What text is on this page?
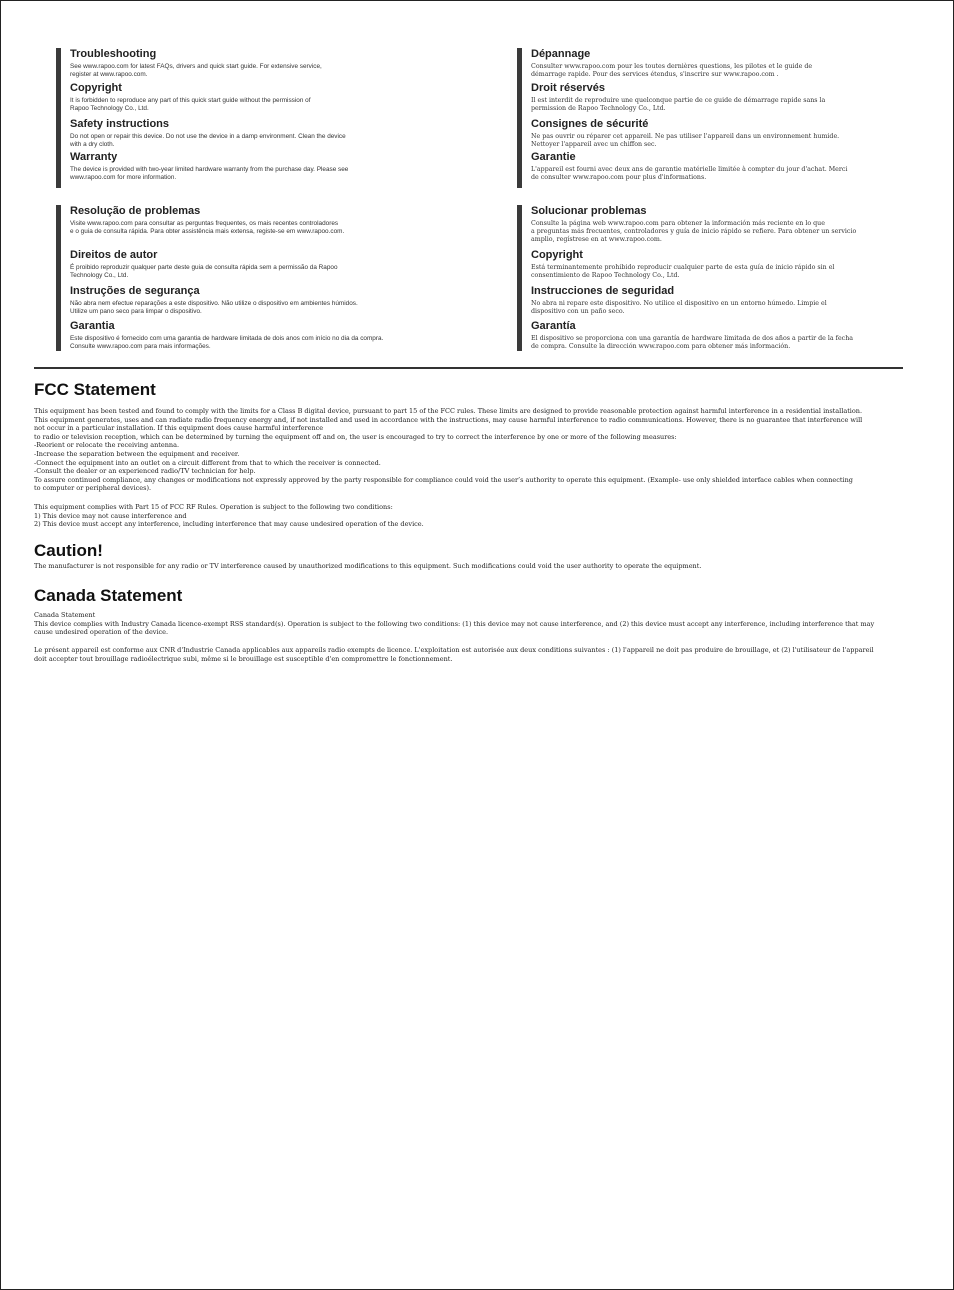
Troubleshooting

See www.rapoo.com for latest FAQs, drivers and quick start guide. For extensive service,
register at www.rapoo.com.

Copyright

It is forbidden to reproduce any part of this quick start guide without the permission of
Rapoo Technology Co., Ltd.

Safety instructions

Do not open or repair this device. Do not use the device in a damp environment. Clean the device
with a dry cloth.

Warranty

The device is provided with two-year limited hardware warranty from the purchase day. Please see
www.rapoo.com for more information.

Dépannage

Consulter www.rapoo.com pour les toutes dernières questions, les pilotes et le guide de
démarrage rapide. Pour des services étendus, s'inscrire sur www.rapoo.com .

Droit réservés

Il est interdit de reproduire une quelconque partie de ce guide de démarrage rapide sans la
permission de Rapoo Technology Co., Ltd.

Consignes de sécurité

Ne pas ouvrir ou réparer cet appareil. Ne pas utiliser l'appareil dans un environnement humide.
Nettoyer l'appareil avec un chiffon sec.

Garantie

L'appareil est fourni avec deux ans de garantie matérielle limitée à compter du jour d'achat. Merci
de consulter www.rapoo.com pour plus d'informations.

Resolução de problemas

Visite www.rapoo.com para consultar as perguntas frequentes, os mais recentes controladores
e o guia de consulta rápida. Para obter assistência mais extensa, registe-se em www.rapoo.com.

Direitos de autor

É proibido reproduzir qualquer parte deste guia de consulta rápida sem a permissão da Rapoo
Technology Co., Ltd.

Instruções de segurança

Não abra nem efectue reparações a este dispositivo. Não utilize o dispositivo em ambientes húmidos.
Utilize um pano seco para limpar o dispositivo.

Garantia

Este dispositivo é fornecido com uma garantia de hardware limitada de dois anos com início no dia da compra.
Consulte www.rapoo.com para mais informações.

Solucionar problemas

Consulte la página web www.rapoo.com para obtener la información más reciente en lo que
a preguntas más frecuentes, controladores y guía de inicio rápido se refiere. Para obtener un servicio
amplio, regístrese en at www.rapoo.com.

Copyright

Está terminantemente prohibido reproducir cualquier parte de esta guía de inicio rápido sin el
consentimiento de Rapoo Technology Co., Ltd.

Instrucciones de seguridad

No abra ni repare este dispositivo. No utilice el dispositivo en un entorno húmedo. Limpie el
dispositivo con un paño seco.

Garantía

El dispositivo se proporciona con una garantía de hardware limitada de dos años a partir de la fecha
de compra. Consulte la dirección www.rapoo.com para obtener más información.

FCC Statement

This equipment has been tested and found to comply with the limits for a Class B digital device, pursuant to part 15 of the FCC rules. These limits are designed to provide reasonable protection against harmful interference in a residential installation.
This equipment generates, uses and can radiate radio frequency energy and, if not installed and used in accordance with the instructions, may cause harmful interference to radio communications. However, there is no guarantee that interference will
not occur in a particular installation. If this equipment does cause harmful interference
to radio or television reception, which can be determined by turning the equipment off and on, the user is encouraged to try to correct the interference by one or more of the following measures:
-Reorient or relocate the receiving antenna.
-Increase the separation between the equipment and receiver.
-Connect the equipment into an outlet on a circuit different from that to which the receiver is connected.
-Consult the dealer or an experienced radio/TV technician for help.
To assure continued compliance, any changes or modifications not expressly approved by the party responsible for compliance could void the user’s authority to operate this equipment. (Example- use only shielded interface cables when connecting
to computer or peripheral devices).

This equipment complies with Part 15 of FCC RF Rules. Operation is subject to the following two conditions:
1) This device may not cause interference and
2) This device must accept any interference, including interference that may cause undesired operation of the device.

Caution!

The manufacturer is not responsible for any radio or TV interference caused by unauthorized modifications to this equipment. Such modifications could void the user authority to operate the equipment.

Canada Statement

Canada Statement
This device complies with Industry Canada licence-exempt RSS standard(s). Operation is subject to the following two conditions: (1) this device may not cause interference, and (2) this device must accept any interference, including interference that may
cause undesired operation of the device.

Le présent appareil est conforme aux CNR d'Industrie Canada applicables aux appareils radio exempts de licence. L'exploitation est autorisée aux deux conditions suivantes : (1) l'appareil ne doit pas produire de brouillage, et (2) l'utilisateur de l'appareil
doit accepter tout brouillage radioélectrique subi, même si le brouillage est susceptible d'en compromettre le fonctionnement.
